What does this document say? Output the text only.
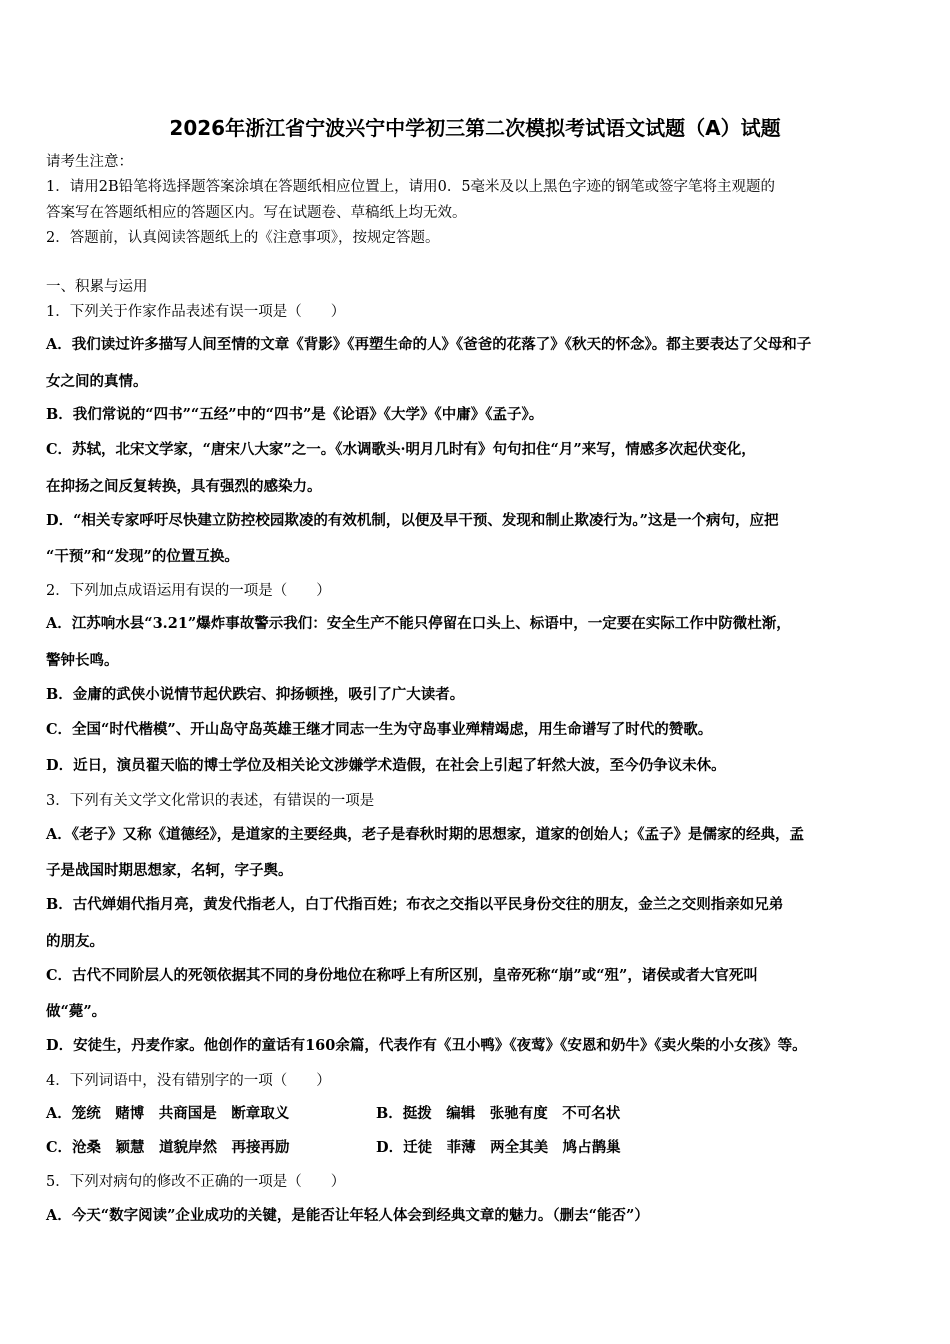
2026年浙江省宁波兴宁中学初三第二次模拟考试语文试题（A）试题
请考生注意：
1．请用2B铅笔将选择题答案涂填在答题纸相应位置上，请用0．5毫米及以上黑色字迹的钢笔或签字笔将主观题的
答案写在答题纸相应的答题区内。写在试题卷、草稿纸上均无效。
2．答题前，认真阅读答题纸上的《注意事项》，按规定答题。
一、积累与运用
1．下列关于作家作品表述有误一项是（　　）
A．我们读过许多描写人间至情的文章《背影》《再塑生命的人》《爸爸的花落了》《秋天的怀念》。都主要表达了父母和子
女之间的真情。
B．我们常说的“四书”“五经”中的“四书”是《论语》《大学》《中庸》《孟子》。
C．苏轼，北宋文学家，“唐宋八大家”之一。《水调歌头·明月几时有》句句扣住“月”来写，情感多次起伏变化，
在抑扬之间反复转换，具有强烈的感染力。
D．“相关专家呼吁尽快建立防控校园欺凌的有效机制，以便及早干预、发现和制止欺凌行为。”这是一个病句，应把
“干预”和“发现”的位置互换。
2．下列加点成语运用有误的一项是（　　）
A．江苏响水县“3.21”爆炸事故警示我们：安全生产不能只停留在口头上、标语中，一定要在实际工作中防微杜渐，
警钟长鸣。
B．金庸的武侠小说情节起伏跌宕、抑扬顿挫，吸引了广大读者。
C．全国“时代楷模”、开山岛守岛英雄王继才同志一生为守岛事业殚精竭虑，用生命谱写了时代的赞歌。
D．近日，演员翟天临的博士学位及相关论文涉嫌学术造假，在社会上引起了轩然大波，至今仍争议未休。
3．下列有关文学文化常识的表述，有错误的一项是
A．《老子》又称《道德经》，是道家的主要经典，老子是春秋时期的思想家，道家的创始人；《孟子》是儒家的经典，孟
子是战国时期思想家，名轲，字子舆。
B．古代婵娟代指月亮，黄发代指老人，白丁代指百姓；布衣之交指以平民身份交往的朋友，金兰之交则指亲如兄弟
的朋友。
C．古代不同阶层人的死领依据其不同的身份地位在称呼上有所区别，皇帝死称“崩”或“殂”，诸侯或者大官死叫
做“薨”。
D．安徒生，丹麦作家。他创作的童话有160余篇，代表作有《丑小鸭》《夜莺》《安恩和奶牛》《卖火柴的小女孩》等。
4．下列词语中，没有错别字的一项（　　）
A．笼统　赌博　共商国是　断章取义	B．挺拨　编辑　张驰有度　不可名状
C．沧桑　颖慧　道貌岸然　再接再励	D．迁徒　菲薄　两全其美　鸠占鹊巢
5．下列对病句的修改不正确的一项是（　　）
A．今天“数字阅读”企业成功的关键，是能否让年轻人体会到经典文章的魅力。（删去“能否”）
